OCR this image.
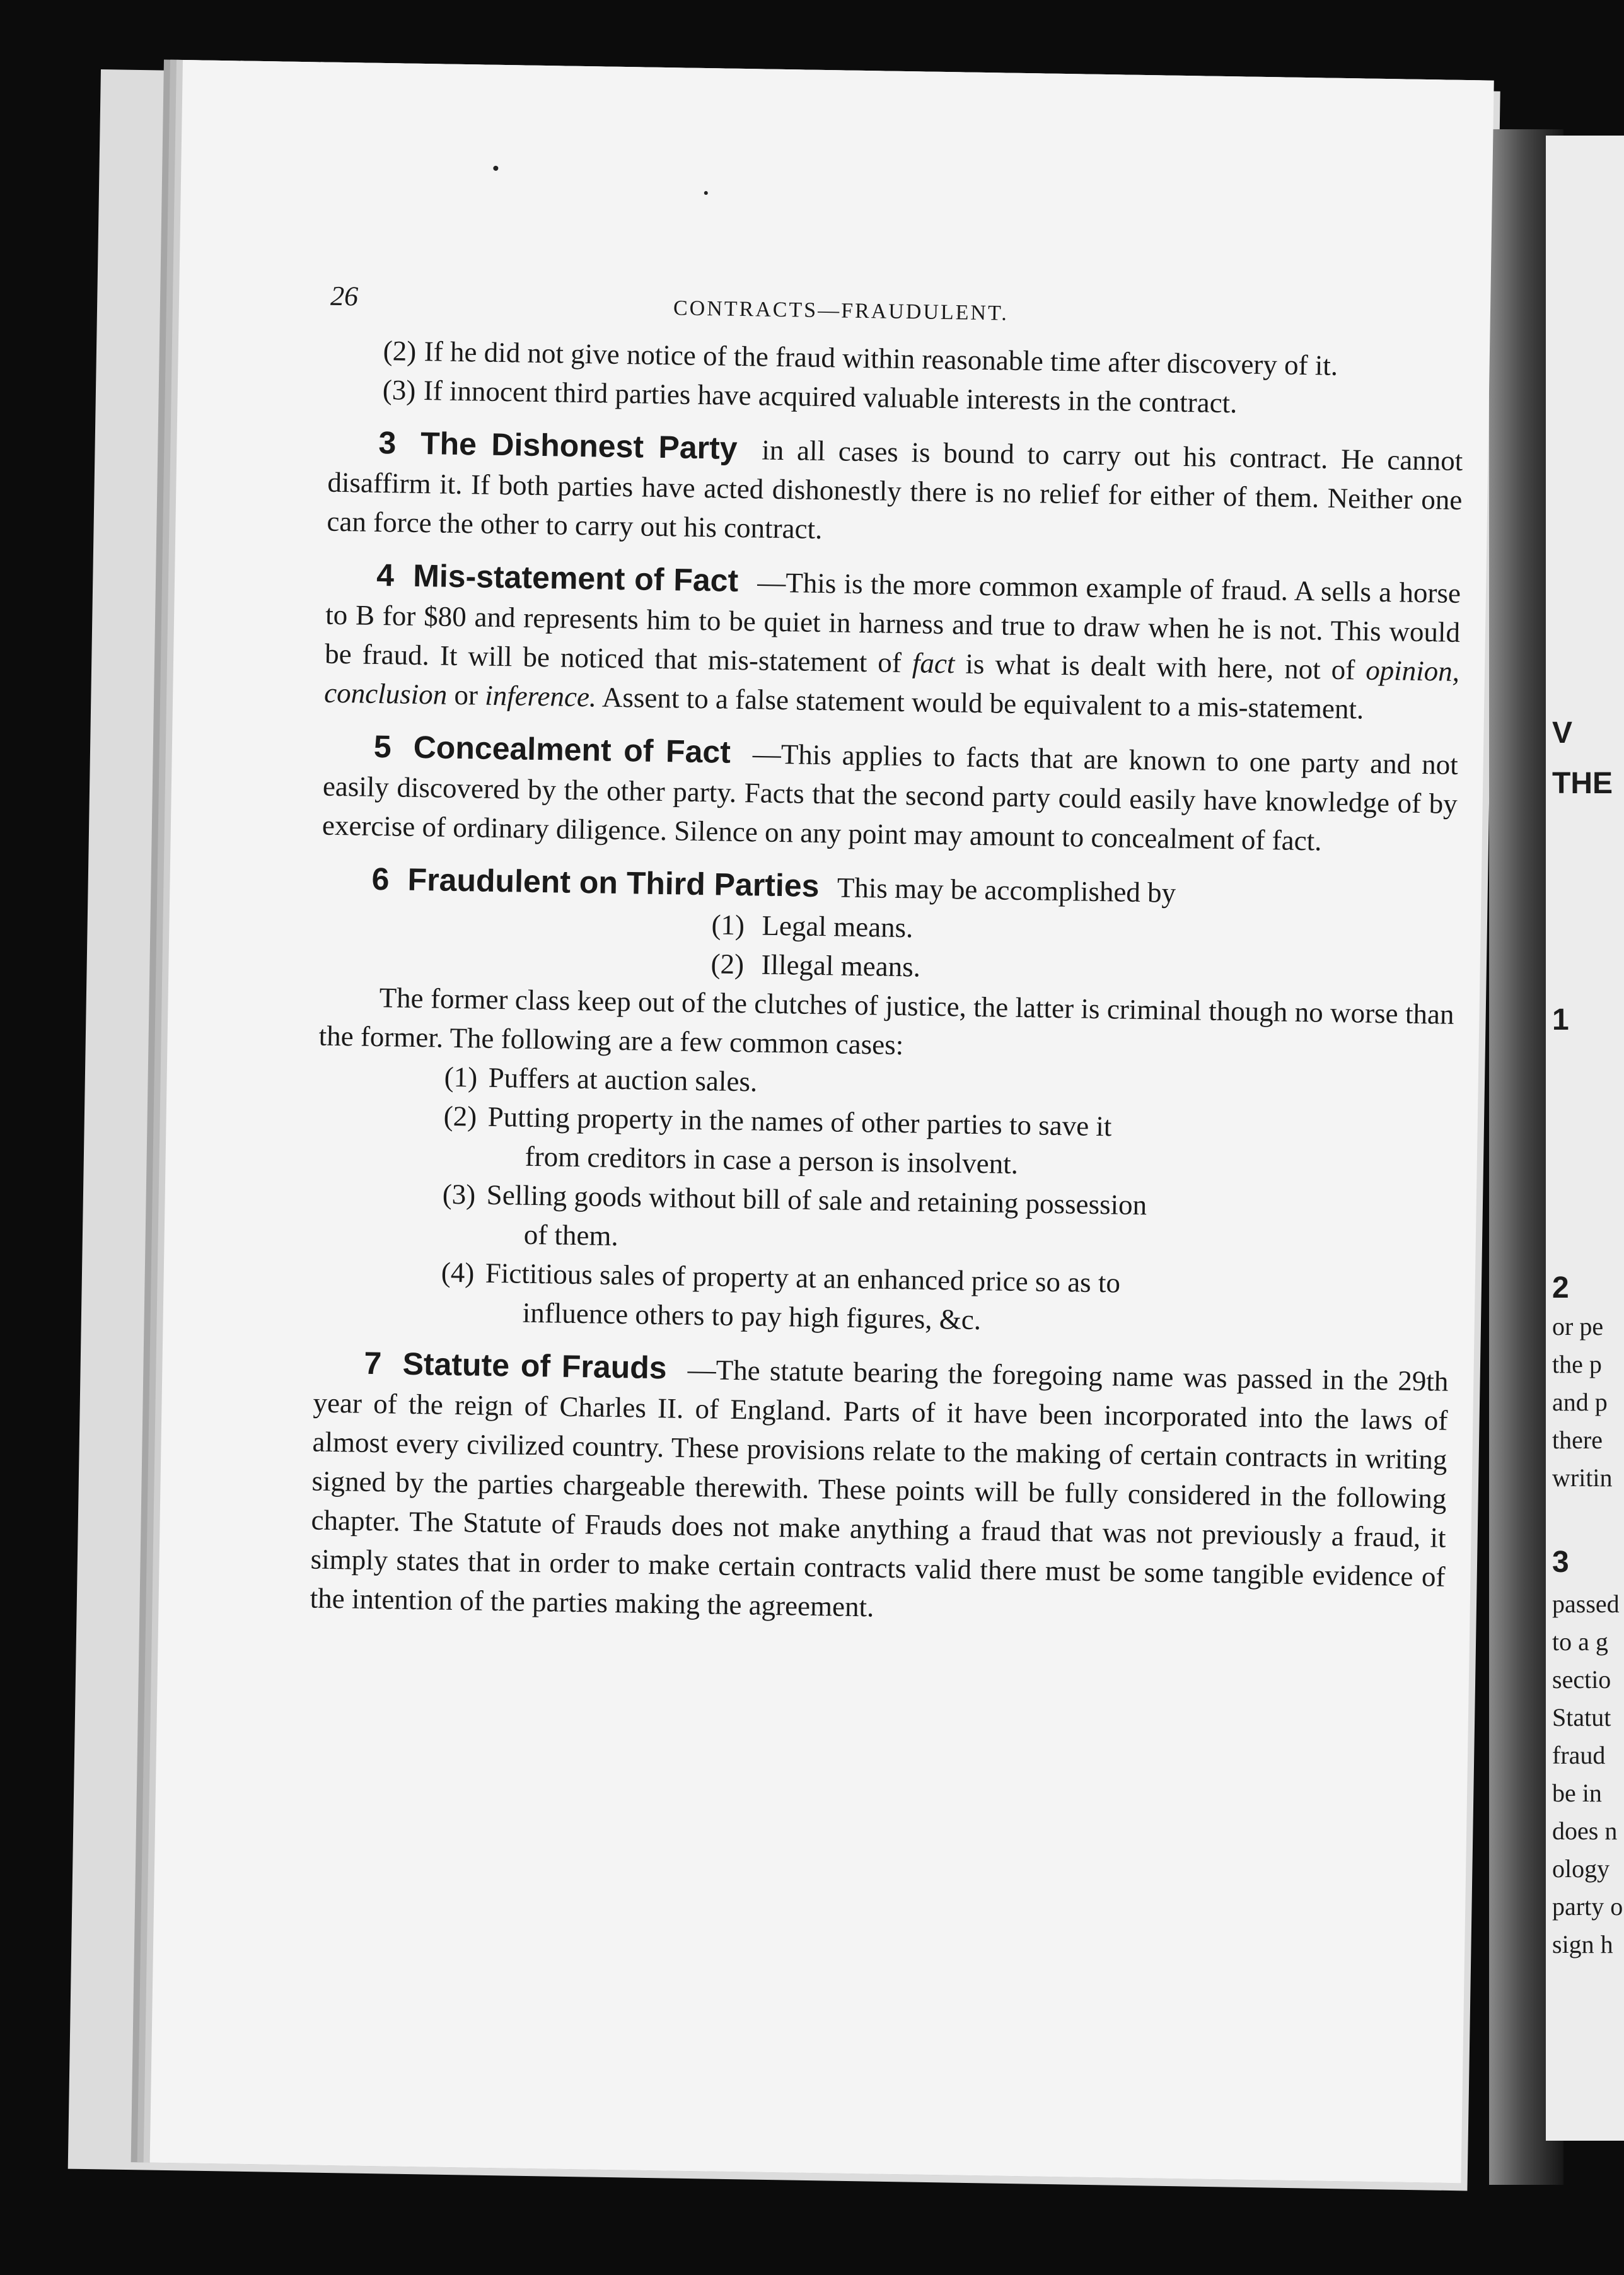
V
THE
1
2
or pe
the p
and p
there
writin
3
passed
to a g
sectio
Statut
fraud
be in
does n
ology
party o
sign h
26	CONTRACTS—FRAUDULENT.
(2) If he did not give notice of the fraud within reasonable time after discovery of it.
(3) If innocent third parties have acquired valuable interests in the contract.

3 The Dishonest Party in all cases is bound to carry out his contract. He cannot disaffirm it. If both parties have acted dishonestly there is no relief for either of them. Neither one can force the other to carry out his contract.

4 Mis-statement of Fact —This is the more common example of fraud. A sells a horse to B for $80 and represents him to be quiet in harness and true to draw when he is not. This would be fraud. It will be noticed that mis-statement of fact is what is dealt with here, not of opinion, conclusion or inference. Assent to a false statement would be equivalent to a mis-statement.

5 Concealment of Fact —This applies to facts that are known to one party and not easily discovered by the other party. Facts that the second party could easily have knowledge of by exercise of ordinary diligence. Silence on any point may amount to concealment of fact.

6 Fraudulent on Third Parties This may be accomplished by

(1) Legal means.
(2) Illegal means.

The former class keep out of the clutches of justice, the latter is criminal though no worse than the former. The following are a few common cases:

(1) Puffers at auction sales.
(2) Putting property in the names of other parties to save it
from creditors in case a person is insolvent.
(3) Selling goods without bill of sale and retaining possession
of them.
(4) Fictitious sales of property at an enhanced price so as to
influence others to pay high figures, &c.

7 Statute of Frauds —The statute bearing the foregoing name was passed in the 29th year of the reign of Charles II. of England. Parts of it have been incorporated into the laws of almost every civilized country. These provisions relate to the making of certain contracts in writing signed by the parties chargeable therewith. These points will be fully considered in the following chapter. The Statute of Frauds does not make anything a fraud that was not previously a fraud, it simply states that in order to make certain contracts valid there must be some tangible evidence of the intention of the parties making the agreement.
